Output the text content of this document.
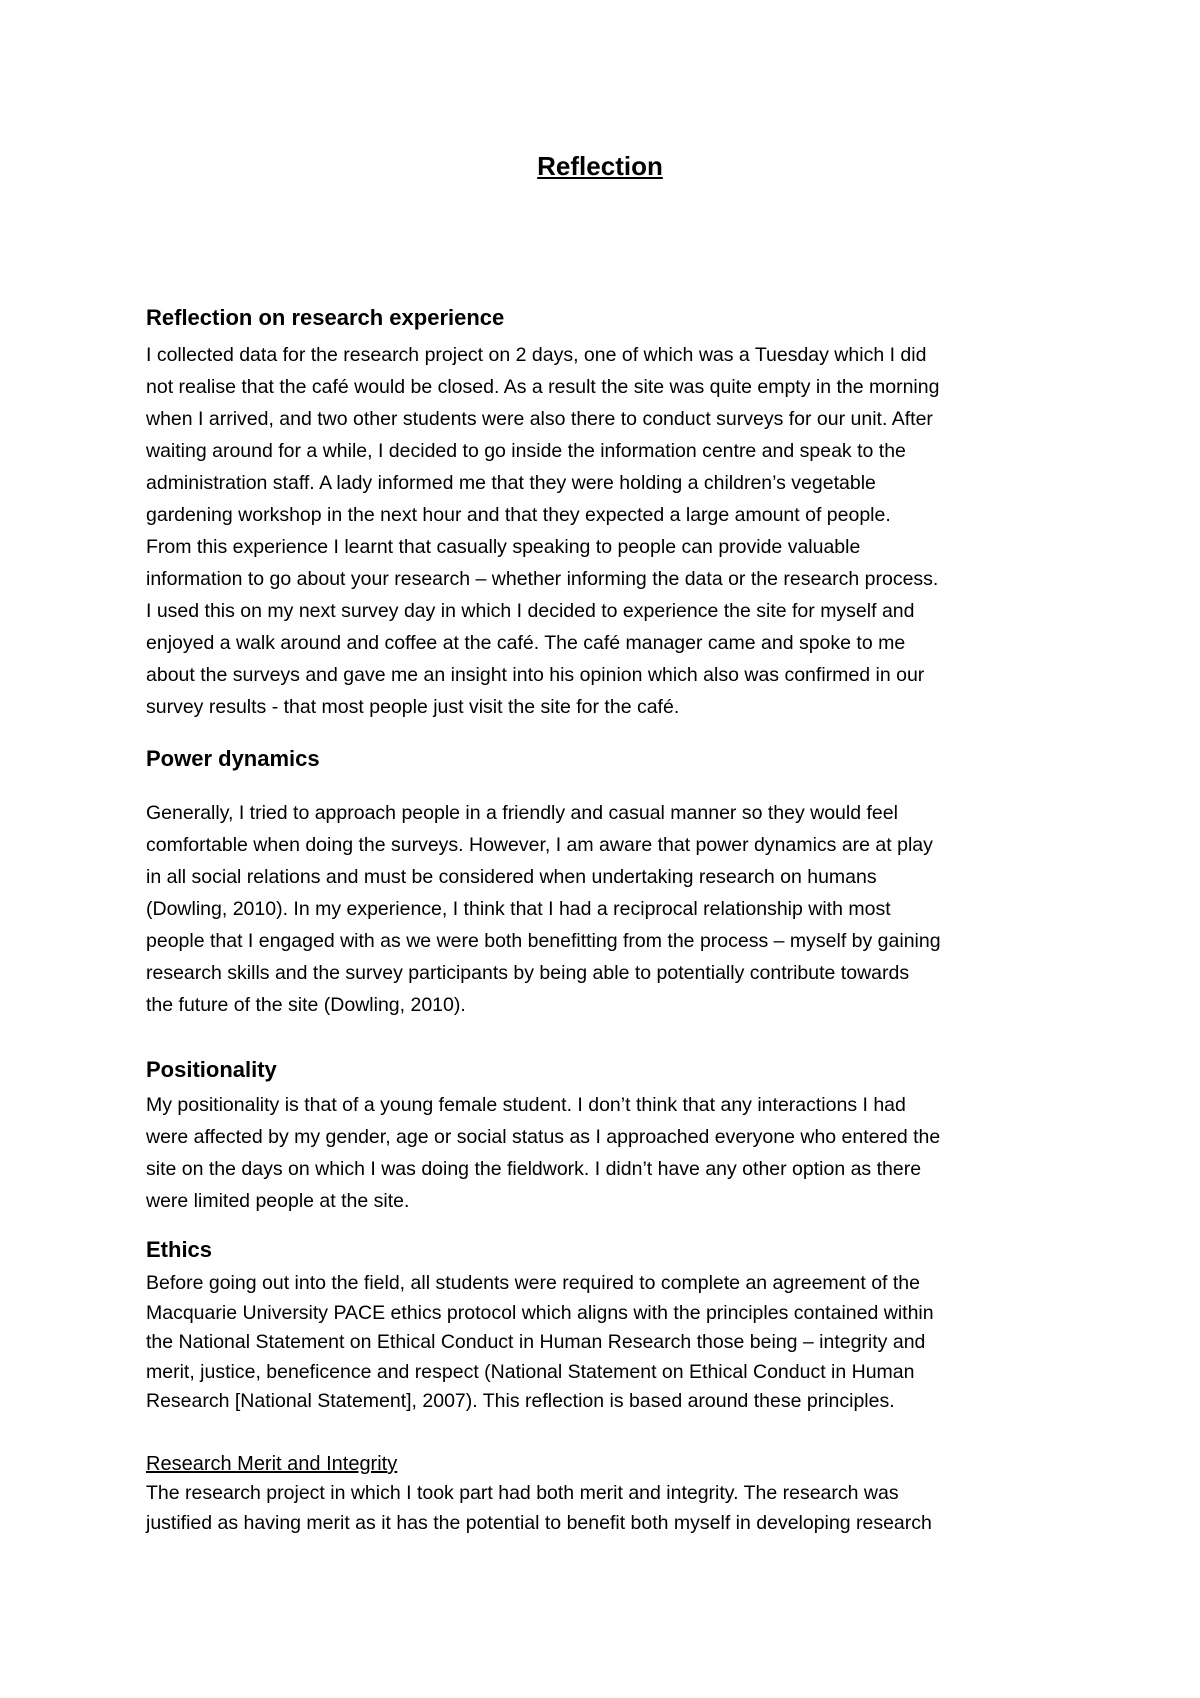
Reflection
Reflection on research experience
I collected data for the research project on 2 days, one of which was a Tuesday which I did
not realise that the café would be closed. As a result the site was quite empty in the morning
when I arrived, and two other students were also there to conduct surveys for our unit. After
waiting around for a while, I decided to go inside the information centre and speak to the
administration staff. A lady informed me that they were holding a children’s vegetable
gardening workshop in the next hour and that they expected a large amount of people.
From this experience I learnt that casually speaking to people can provide valuable
information to go about your research – whether informing the data or the research process.
I used this on my next survey day in which I decided to experience the site for myself and
enjoyed a walk around and coffee at the café. The café manager came and spoke to me
about the surveys and gave me an insight into his opinion which also was confirmed in our
survey results - that most people just visit the site for the café.
Power dynamics
Generally, I tried to approach people in a friendly and casual manner so they would feel
comfortable when doing the surveys. However, I am aware that power dynamics are at play
in all social relations and must be considered when undertaking research on humans
(Dowling, 2010). In my experience, I think that I had a reciprocal relationship with most
people that I engaged with as we were both benefitting from the process – myself by gaining
research skills and the survey participants by being able to potentially contribute towards
the future of the site (Dowling, 2010).
Positionality
My positionality is that of a young female student. I don’t think that any interactions I had
were affected by my gender, age or social status as I approached everyone who entered the
site on the days on which I was doing the fieldwork. I didn’t have any other option as there
were limited people at the site.
Ethics
Before going out into the field, all students were required to complete an agreement of the
Macquarie University PACE ethics protocol which aligns with the principles contained within
the National Statement on Ethical Conduct in Human Research those being – integrity and
merit, justice, beneficence and respect (National Statement on Ethical Conduct in Human
Research [National Statement], 2007). This reflection is based around these principles.
Research Merit and Integrity
The research project in which I took part had both merit and integrity. The research was
justified as having merit as it has the potential to benefit both myself in developing research
